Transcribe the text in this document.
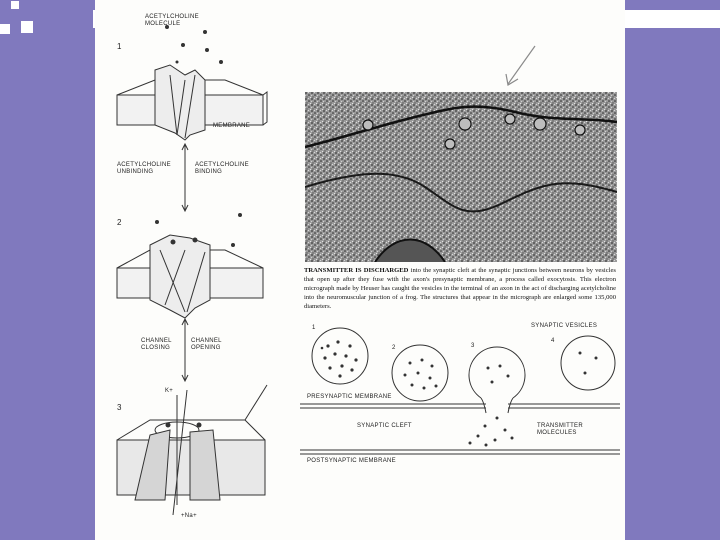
ACETYLCHOLINE
MOLECULE
MEMBRANE
1
2
3
ACETYLCHOLINE
UNBINDING
ACETYLCHOLINE
BINDING
CHANNEL
CLOSING
CHANNEL
OPENING
K+
+Na+
TRANSMITTER IS DISCHARGED into the synaptic cleft at the synaptic junctions between neurons by vesicles that open up after they fuse with the axon's presynaptic membrane, a process called exocytosis. This electron micrograph made by Heuser has caught the vesicles in the terminal of an axon in the act of discharging acetylcholine into the neuromuscular junction of a frog. The structures that appear in the micrograph are enlarged some 135,000 diameters.
1
2	3
4
SYNAPTIC VESICLES
PRESYNAPTIC MEMBRANE
SYNAPTIC CLEFT	TRANSMITTER
MOLECULES
POSTSYNAPTIC MEMBRANE
